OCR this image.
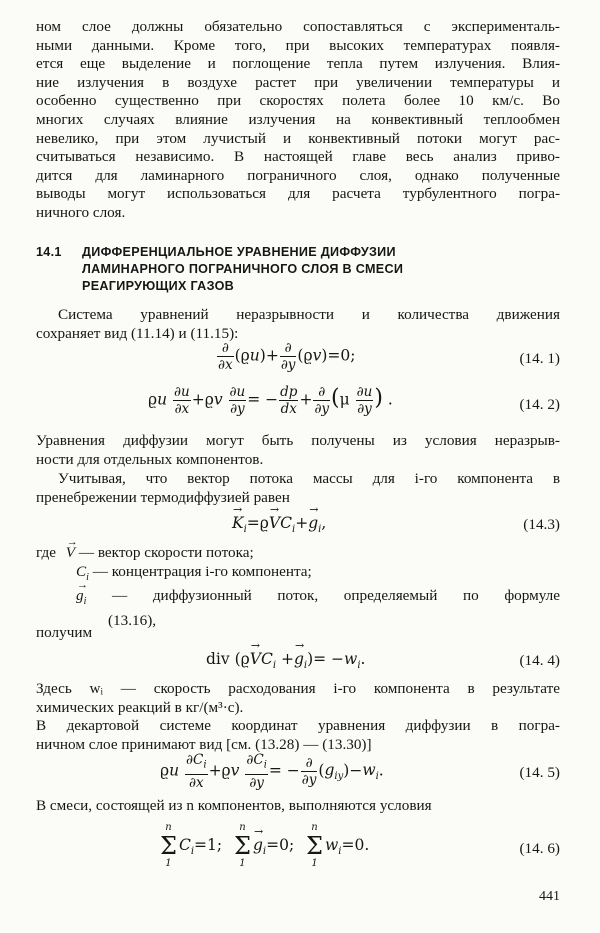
ном слое должны обязательно сопоставляться с эксперименталь-
ными данными. Кроме того, при высоких температурах появля-
ется еще выделение и поглощение тепла путем излучения. Влия-
ние излучения в воздухе растет при увеличении температуры и
особенно существенно при скоростях полета более 10 км/с. Во
многих случаях влияние излучения на конвективный теплообмен
невелико, при этом лучистый и конвективный потоки могут рас-
считываться независимо. В настоящей главе весь анализ приво-
дится для ламинарного пограничного слоя, однако полученные
выводы могут использоваться для расчета турбулентного погра-
ничного слоя.
14.1 ДИФФЕРЕНЦИАЛЬНОЕ УРАВНЕНИЕ ДИФФУЗИИ
ЛАМИНАРНОГО ПОГРАНИЧНОГО СЛОЯ В СМЕСИ
РЕАГИРУЮЩИХ ГАЗОВ
Система уравнений неразрывности и количества движения
сохраняет вид (11.14) и (11.15):
$\frac{\partial}{\partial x} (ϱu)+ \frac{\partial}{\partial y} (ϱv)=0$;	(14. 1)
ϱu $\frac{\partial u}{\partial x} +ϱv \frac{\partial u}{\partial y}$ = − $\frac{dp}{dx} + \frac{\partial}{\partial y} (\mu \frac{\partial u}{\partial y}$ ) .	(14. 2)
Уравнения диффузии могут быть получены из условия неразрыв-
ности для отдельных компонентов.
Учитывая, что вектор потока массы для i-го компонента в
пренебрежении термодиффузией равен
→ $K_i=ϱ\to VC_i+\to g_i$,	(14.3)
где → V — вектор скорости потока;
$C_i$ — концентрация i-го компонента;
→ $g_i$ — диффузионный поток, определяемый по формуле
(13.16),
получим
div $(ϱ\to VC_i +\to g_i)= -w_i$.	(14. 4)
Здесь wᵢ — скорость расходования i-го компонента в результате
химических реакций в кг/(м³·с).
В декартовой системе координат уравнения диффузии в погра-
ничном слое принимают вид [см. (13.28) — (13.30)]
ϱu $\frac{\partial C_i}{\partial x} +ϱv \frac{\partial C_i}{\partial y}$ = − $\frac{\partial}{\partial y} (g_{iy})-w_i$.	(14. 5)
В смеси, состоящей из n компонентов, выполняются условия
n
Σ
1
$C_i=1$;
n
Σ
1
→ $g_i=0$;
n
Σ
1
$w_i=0$.	(14. 6)
441
